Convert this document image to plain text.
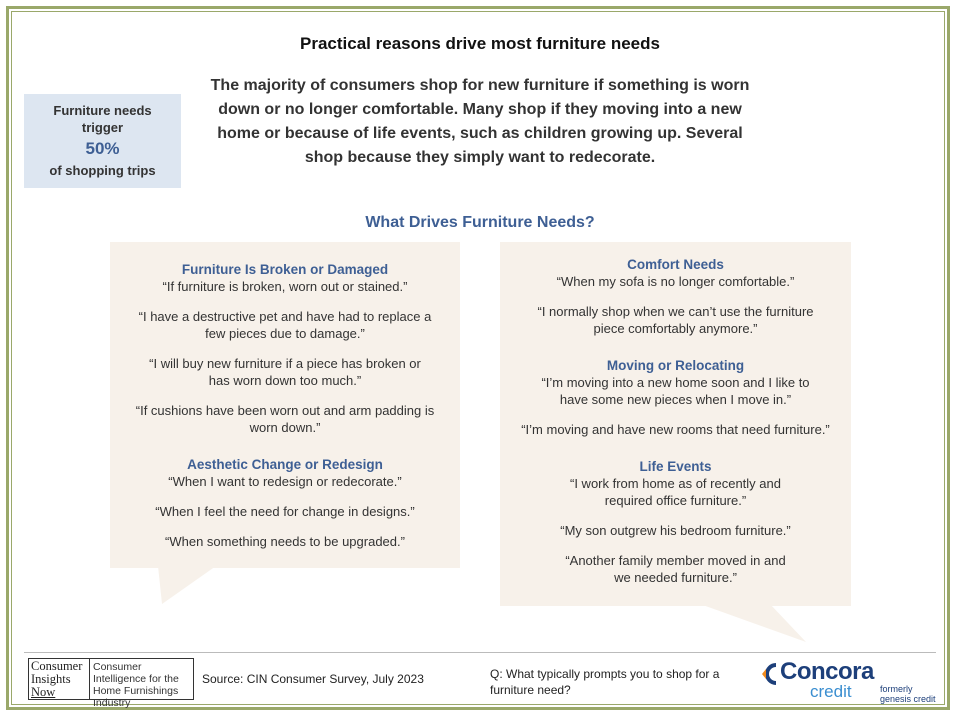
Practical reasons drive most furniture needs
The majority of consumers shop for new furniture if something is worn down or no longer comfortable. Many shop if they moving into a new home or because of life events, such as children growing up. Several shop because they simply want to redecorate.
Furniture needs
trigger
50%
of shopping trips
What Drives Furniture Needs?

Furniture Is Broken or Damaged

“If furniture is broken, worn out or stained.”

“I have a destructive pet and have had to replace a few pieces due to damage.”

“I will buy new furniture if a piece has broken or has worn down too much.”

“If cushions have been worn out and arm padding is worn down.”

Aesthetic Change or Redesign

“When I want to redesign or redecorate.”

“When I feel the need for change in designs.”

“When something needs to be upgraded.”

Comfort Needs

“When my sofa is no longer comfortable.”

“I normally shop when we can’t use the furniture piece comfortably anymore.”

Moving or Relocating

“I’m moving into a new home soon and I like to have some new pieces when I move in.”

“I’m moving and have new rooms that need furniture.”

Life Events

“I work from home as of recently and required office furniture.”

“My son outgrew his bedroom furniture.”

“Another family member moved in and we needed furniture.”

Consumer
Insights
Now
Consumer Intelligence for the Home Furnishings Industry
Source: CIN Consumer Survey, July 2023	Q: What typically prompts you to shop for a furniture need?
Concora
credit	formerly
genesis credit
